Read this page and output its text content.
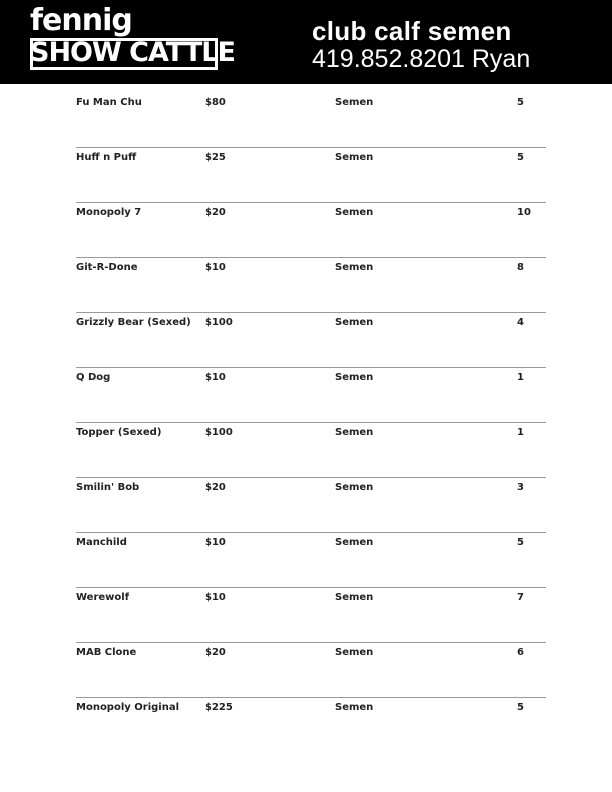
fennig
SHOW CATTLE
club calf semen
419.852.8201 Ryan
Fu Man Chu	$80	Semen	5
Huff n Puff	$25	Semen	5
Monopoly 7	$20	Semen	10
Git-R-Done	$10	Semen	8
Grizzly Bear (Sexed) $100	Semen	4
Q Dog	$10	Semen	1
Topper (Sexed)	$100	Semen	1
Smilin' Bob	$20	Semen	3
Manchild	$10	Semen	5
Werewolf	$10	Semen	7
MAB Clone	$20	Semen	6
Monopoly Original	$225	Semen	5
